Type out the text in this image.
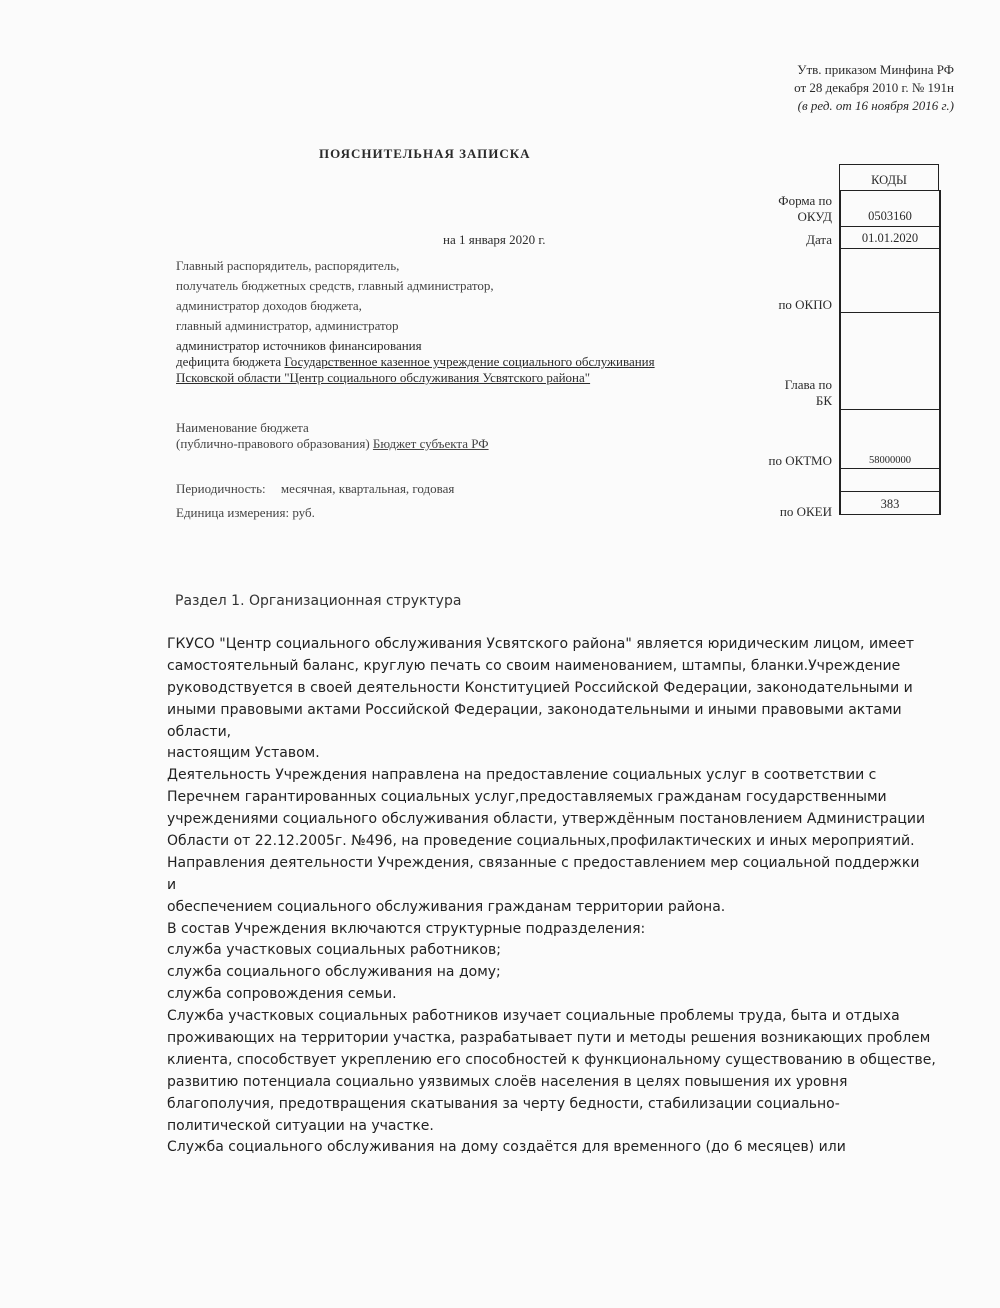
Утв. приказом Минфина РФ
от 28 декабря 2010 г. № 191н
(в ред. от 16 ноября 2016 г.)
ПОЯСНИТЕЛЬНАЯ ЗАПИСКА
на 1 января 2020 г.
Главный распорядитель, распорядитель,
получатель бюджетных средств, главный администратор,
администратор доходов бюджета,
главный администратор, администратор
администратор источников финансирования
дефицита бюджета Государственное казенное учреждение социального обслуживания
Псковской области "Центр социального обслуживания Усвятского района"
Наименование бюджета
(публично-правового образования) Бюджет субъекта РФ
Периодичность: месячная, квартальная, годовая
Единица измерения: руб.
Форма по
ОКУД
Дата
по ОКПО
Глава по
БК
по ОКТМО
по ОКЕИ
КОДЫ
0503160
01.01.2020
58000000
383
Раздел 1. Организационная структура
ГКУСО "Центр социального обслуживания Усвятского района" является юридическим лицом, имеет
самостоятельный баланс, круглую печать со своим наименованием, штампы, бланки.Учреждение
руководствуется в своей деятельности Конституцией Российской Федерации, законодательными и
иными правовыми актами Российской Федерации, законодательными и иными правовыми актами
области,
настоящим Уставом.
Деятельность Учреждения направлена на предоставление социальных услуг в соответствии с
Перечнем гарантированных социальных услуг,предоставляемых гражданам государственными
учреждениями социального обслуживания области, утверждённым постановлением Администрации
Области от 22.12.2005г. №496, на проведение социальных,профилактических и иных мероприятий.
Направления деятельности Учреждения, связанные с предоставлением мер социальной поддержки
и
обеспечением социального обслуживания гражданам территории района.
В состав Учреждения включаются структурные подразделения:
служба участковых социальных работников;
служба социального обслуживания на дому;
служба сопровождения семьи.
Служба участковых социальных работников изучает социальные проблемы труда, быта и отдыха
проживающих на территории участка, разрабатывает пути и методы решения возникающих проблем
клиента, способствует укреплению его способностей к функциональному существованию в обществе,
развитию потенциала социально уязвимых слоёв населения в целях повышения их уровня
благополучия, предотвращения скатывания за черту бедности, стабилизации социально-
политической ситуации на участке.
Служба социального обслуживания на дому создаётся для временного (до 6 месяцев) или
